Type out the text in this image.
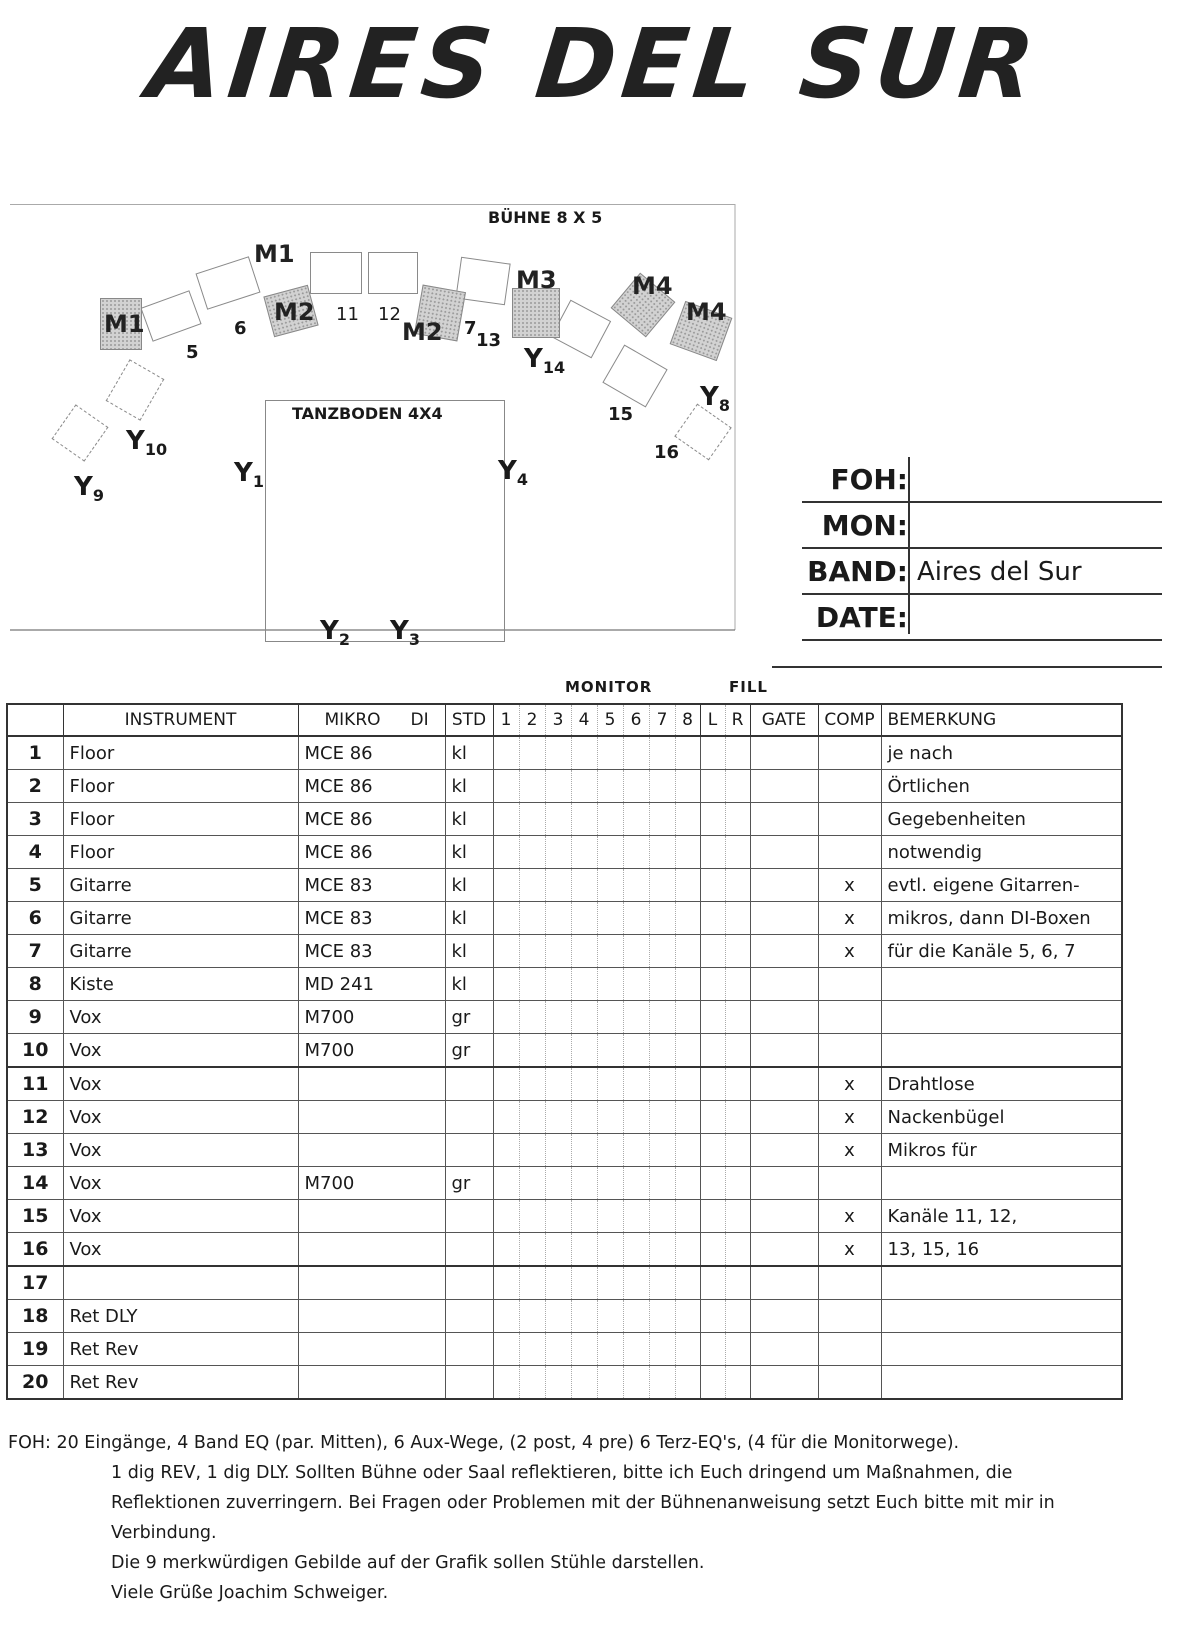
AIRES DEL SUR
BÜHNE 8 X 5
TANZBODEN 4X4
M1
M1
M2
M2
M3	M4
M4
5
6
11 12
7
13
15
16
$Y_{10}$
$Y_9$
$Y_1$	$Y_4$
$Y_2$ $Y_3$
$Y_{14}$
$Y_8$
FOH:
MON:
BAND: Aires del Sur
DATE:
MONITOR	FILL
	INSTRUMENT	MIKRO DI	STD	1	2	3	4	5	6	7	8	L	R	GATE	COMP	BEMERKUNG
1	Floor	MCE 86	kl													je nach
2	Floor	MCE 86	kl													Örtlichen
3	Floor	MCE 86	kl													Gegebenheiten
4	Floor	MCE 86	kl													notwendig
5	Gitarre	MCE 83	kl												x	evtl. eigene Gitarren-
6	Gitarre	MCE 83	kl												x	mikros, dann DI-Boxen
7	Gitarre	MCE 83	kl												x	für die Kanäle 5, 6, 7
8	Kiste	MD 241	kl													
9	Vox	M700	gr													
10	Vox	M700	gr													
11	Vox														x	Drahtlose
12	Vox														x	Nackenbügel
13	Vox														x	Mikros für
14	Vox	M700	gr													
15	Vox														x	Kanäle 11, 12,
16	Vox														x	13, 15, 16
17																
18	Ret DLY															
19	Ret Rev															
20	Ret Rev															
FOH: 20 Eingänge, 4 Band EQ (par. Mitten), 6 Aux-Wege, (2 post, 4 pre) 6 Terz-EQ's, (4 für die Monitorwege).
1 dig REV, 1 dig DLY. Sollten Bühne oder Saal reflektieren, bitte ich Euch dringend um Maßnahmen, die
Reflektionen zuverringern. Bei Fragen oder Problemen mit der Bühnenanweisung setzt Euch bitte mit mir in
Verbindung.
Die 9 merkwürdigen Gebilde auf der Grafik sollen Stühle darstellen.
Viele Grüße Joachim Schweiger.
